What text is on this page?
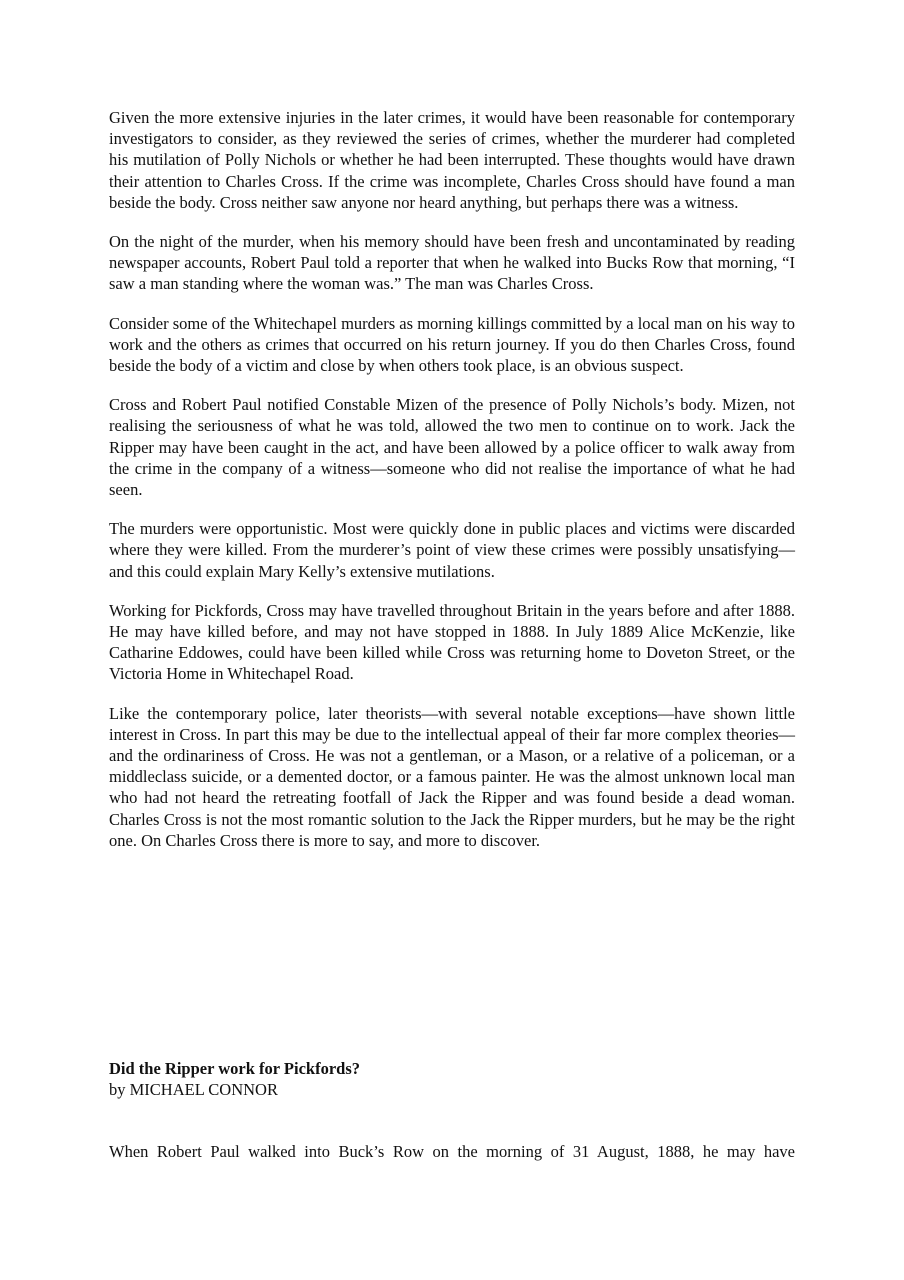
Given the more extensive injuries in the later crimes, it would have been reasonable for contemporary investigators to consider, as they reviewed the series of crimes, whether the murderer had completed his mutilation of Polly Nichols or whether he had been interrupted. These thoughts would have drawn their attention to Charles Cross. If the crime was incomplete, Charles Cross should have found a man beside the body. Cross neither saw anyone nor heard anything, but perhaps there was a witness.

On the night of the murder, when his memory should have been fresh and uncontaminated by reading newspaper accounts, Robert Paul told a reporter that when he walked into Bucks Row that morning, “I saw a man standing where the woman was.” The man was Charles Cross.

Consider some of the Whitechapel murders as morning killings committed by a local man on his way to work and the others as crimes that occurred on his return journey. If you do then Charles Cross, found beside the body of a victim and close by when others took place, is an obvious suspect.

Cross and Robert Paul notified Constable Mizen of the presence of Polly Nichols’s body. Mizen, not realising the seriousness of what he was told, allowed the two men to continue on to work. Jack the Ripper may have been caught in the act, and have been allowed by a police officer to walk away from the crime in the company of a witness—someone who did not realise the importance of what he had seen.

The murders were opportunistic. Most were quickly done in public places and victims were discarded where they were killed. From the murderer’s point of view these crimes were possibly unsatisfying—and this could explain Mary Kelly’s extensive mutilations.

Working for Pickfords, Cross may have travelled throughout Britain in the years before and after 1888. He may have killed before, and may not have stopped in 1888. In July 1889 Alice McKenzie, like Catharine Eddowes, could have been killed while Cross was returning home to Doveton Street, or the Victoria Home in Whitechapel Road.

Like the contemporary police, later theorists—with several notable exceptions—have shown little interest in Cross. In part this may be due to the intellectual appeal of their far more complex theories—and the ordinariness of Cross. He was not a gentleman, or a Mason, or a relative of a policeman, or a middleclass suicide, or a demented doctor, or a famous painter. He was the almost unknown local man who had not heard the retreating footfall of Jack the Ripper and was found beside a dead woman. Charles Cross is not the most romantic solution to the Jack the Ripper murders, but he may be the right one. On Charles Cross there is more to say, and more to discover.

Did the Ripper work for Pickfords?

by MICHAEL CONNOR

When Robert Paul walked into Buck’s Row on the morning of 31 August, 1888, he may have
